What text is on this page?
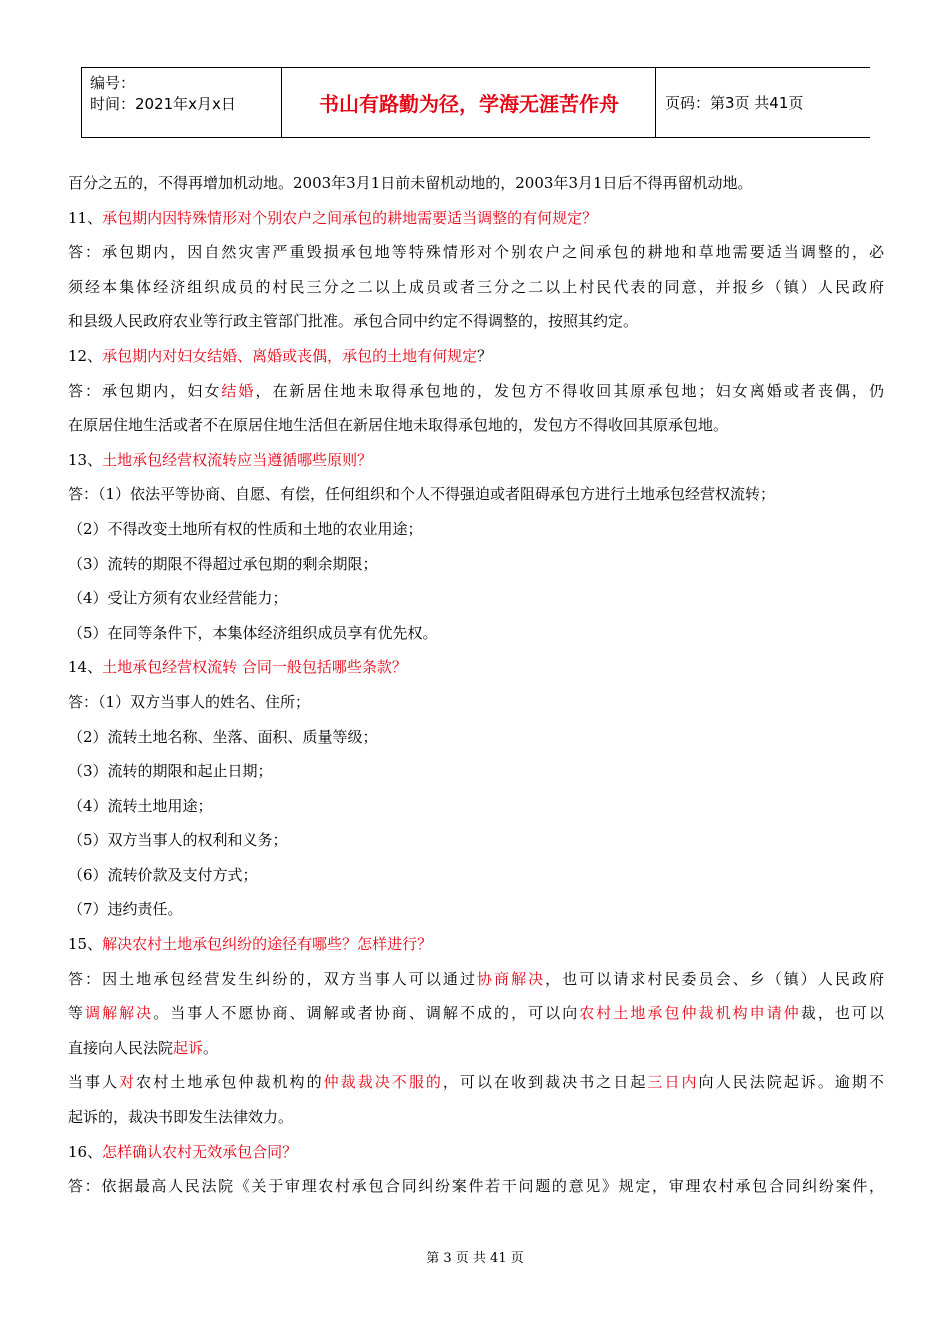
编号：
时间：2021年x月x日	书山有路勤为径，学海无涯苦作舟	页码：第3页 共41页
百分之五的，不得再增加机动地。2003年3月1日前未留机动地的，2003年3月1日后不得再留机动地。
11、承包期内因特殊情形对个别农户之间承包的耕地需要适当调整的有何规定？
答：承包期内，因自然灾害严重毁损承包地等特殊情形对个别农户之间承包的耕地和草地需要适当调整的，必
须经本集体经济组织成员的村民三分之二以上成员或者三分之二以上村民代表的同意，并报乡（镇）人民政府
和县级人民政府农业等行政主管部门批准。承包合同中约定不得调整的，按照其约定。
12、承包期内对妇女结婚、离婚或丧偶，承包的土地有何规定？
答：承包期内，妇女结婚，在新居住地未取得承包地的，发包方不得收回其原承包地；妇女离婚或者丧偶，仍
在原居住地生活或者不在原居住地生活但在新居住地未取得承包地的，发包方不得收回其原承包地。
13、土地承包经营权流转应当遵循哪些原则？
答：（1）依法平等协商、自愿、有偿，任何组织和个人不得强迫或者阻碍承包方进行土地承包经营权流转；
（2）不得改变土地所有权的性质和土地的农业用途；
（3）流转的期限不得超过承包期的剩余期限；
（4）受让方须有农业经营能力；
（5）在同等条件下，本集体经济组织成员享有优先权。
14、土地承包经营权流转 合同一般包括哪些条款？
答：（1）双方当事人的姓名、住所；
（2）流转土地名称、坐落、面积、质量等级；
（3）流转的期限和起止日期；
（4）流转土地用途；
（5）双方当事人的权利和义务；
（6）流转价款及支付方式；
（7）违约责任。
15、解决农村土地承包纠纷的途径有哪些？怎样进行？
答：因土地承包经营发生纠纷的，双方当事人可以通过协商解决，也可以请求村民委员会、乡（镇）人民政府
等调解解决。当事人不愿协商、调解或者协商、调解不成的，可以向农村土地承包仲裁机构申请仲裁，也可以
直接向人民法院起诉。
当事人对农村土地承包仲裁机构的仲裁裁决不服的，可以在收到裁决书之日起三日内向人民法院起诉。逾期不
起诉的，裁决书即发生法律效力。
16、怎样确认农村无效承包合同？
答：依据最高人民法院《关于审理农村承包合同纠纷案件若干问题的意见》规定，审理农村承包合同纠纷案件，
第 3 页 共 41 页
